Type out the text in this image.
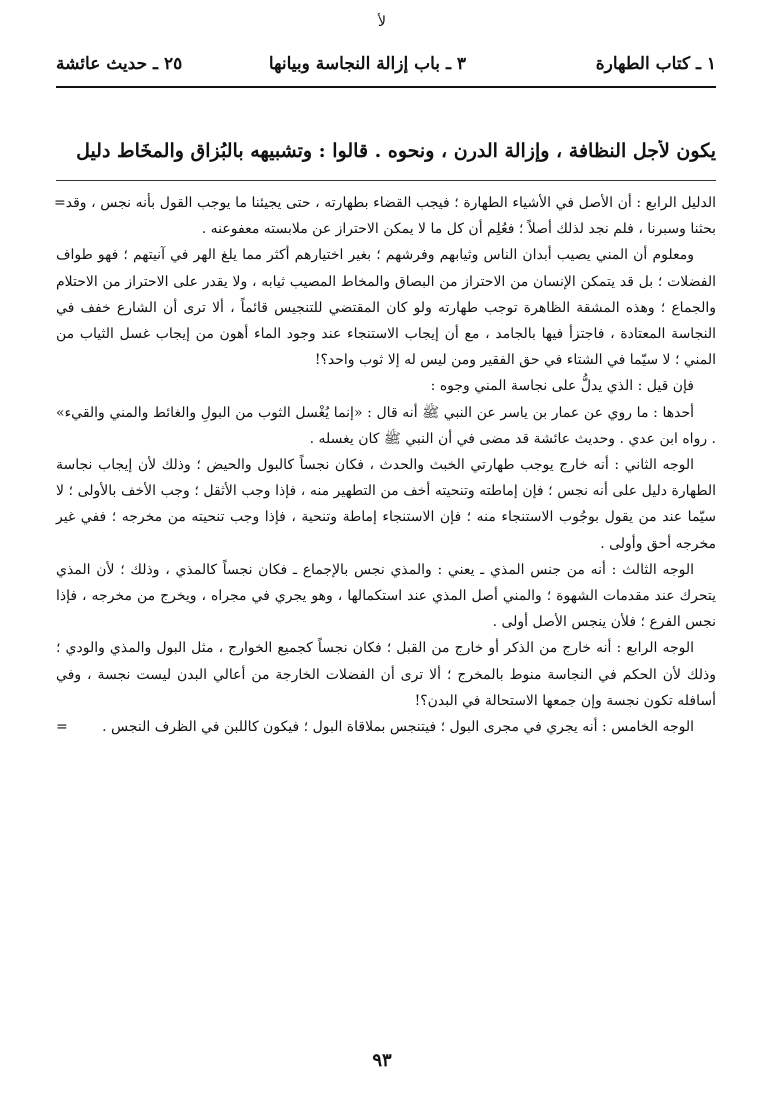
ﻷ
١ ـ كتاب الطهارة
٣ ـ باب إزالة النجاسة وبيانها
٢٥ ـ حديث عائشة
يكون لأجل النظافة ، وإزالة الدرن ، ونحوه . قالوا : وتشبيهه بالبُزاق والمخَاط دليل

= الدليل الرابع : أن الأصل في الأشياء الطهارة ؛ فيجب القضاء بطهارته ، حتى يجيئنا ما يوجب القول بأنه نجس ، وقد بحثنا وسبرنا ، فلم نجد لذلك أصلاً ؛ فعُلِم أن كل ما لا يمكن الاحتراز عن ملابسته معفوعنه .

ومعلوم أن المني يصيب أبدان الناس وثيابهم وفرشهم ؛ بغير اختيارهم أكثر مما يلغ الهر في آنيتهم ؛ فهو طواف الفضلات ؛ بل قد يتمكن الإنسان من الاحتراز من البصاق والمخاط المصيب ثيابه ، ولا يقدر على الاحتراز من الاحتلام والجماع ؛ وهذه المشقة الظاهرة توجب طهارته ولو كان المقتضي للتنجيس قائماً ، ألا ترى أن الشارع خفف في النجاسة المعتادة ، فاجتزأ فيها بالجامد ، مع أن إيجاب الاستنجاء عند وجود الماء أهون من إيجاب غسل الثياب من المني ؛ لا سيّما في الشتاء في حق الفقير ومن ليس له إلا ثوب واحد؟!

فإن قيل : الذي يدلُّ على نجاسة المني وجوه :

أحدها : ما روي عن عمار بن ياسر عن النبي ﷺ أنه قال : «إنما يُغْسل الثوب من البولِ والغائط والمني والقيء» . رواه ابن عدي . وحديث عائشة قد مضى في أن النبي ﷺ كان يغسله .

الوجه الثاني : أنه خارج يوجب طهارتي الخبث والحدث ، فكان نجساً كالبول والحيض ؛ وذلك لأن إيجاب نجاسة الطهارة دليل على أنه نجس ؛ فإن إماطته وتنحيته أخف من التطهير منه ، فإذا وجب الأثقل ؛ وجب الأخف بالأولى ؛ لا سيّما عند من يقول بوجُوب الاستنجاء منه ؛ فإن الاستنجاء إماطة وتنحية ، فإذا وجب تنحيته من مخرجه ؛ ففي غير مخرجه أحق وأولى .

الوجه الثالث : أنه من جنس المذي ـ يعني : والمذي نجس بالإجماع ـ فكان نجساً كالمذي ، وذلك ؛ لأن المذي يتحرك عند مقدمات الشهوة ؛ والمني أصل المذي عند استكمالها ، وهو يجري في مجراه ، ويخرج من مخرجه ، فإذا نجس الفرع ؛ فلأن ينجس الأصل أولى .

الوجه الرابع : أنه خارج من الذكر أو خارج من القبل ؛ فكان نجساً كجميع الخوارج ، مثل البول والمذي والودي ؛ وذلك لأن الحكم في النجاسة منوط بالمخرج ؛ ألا ترى أن الفضلات الخارجة من أعالي البدن ليست نجسة ، وفي أسافله تكون نجسة وإن جمعها الاستحالة في البدن؟!

الوجه الخامس : أنه يجري في مجرى البول ؛ فيتنجس بملاقاة البول ؛ فيكون كاللبن في الظرف النجس .
=

٩٣
